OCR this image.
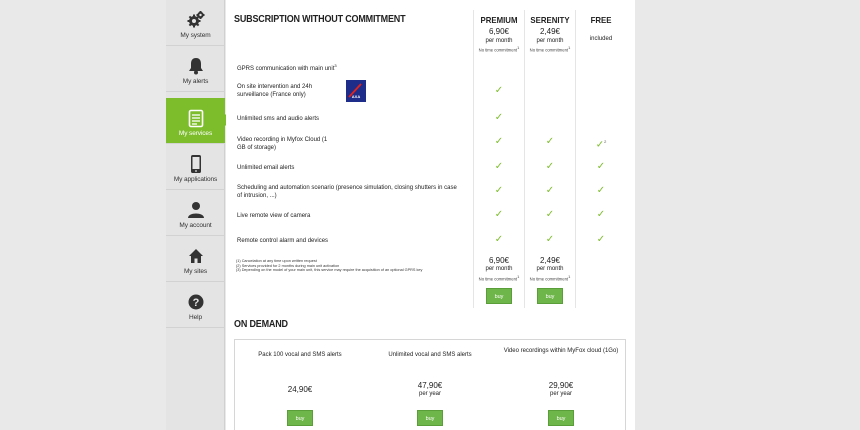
My system
My alerts
My services
My applications
My account
My sites
?
Help
SUBSCRIPTION WITHOUT COMMITMENT	PREMIUM
6,90€
per month
No time commitment1
SERENITY
2,49€
per month
No time commitment1
FREE
included
GPRS communication with main unit$^3$
On site intervention and 24h surveillance (France only)	AXA
Unlimited sms and audio alerts
Video recording in Myfox Cloud (1 GB of storage)
Unlimited email alerts
Scheduling and automation scenario (presence simulation, closing shutters in case of intrusion, ...)
Live remote view of camera
Remote control alarm and devices
✓
✓
✓
✓
✓
✓
✓
✓
✓
✓
✓
✓
✓$^2$
✓
✓
✓
✓
(1) Cancelation at any time upon written request
(2) Services provided for 2 months during main unit activation
(3) Depending on the model of your main unit, this service may require the acquisition of an optional GPRS key
6,90€
per month
No time commitment1
buy
2,49€
per month
No time commitment1
buy
ON DEMAND
Pack 100 vocal and SMS alerts
24,90€
buy
Unlimited vocal and SMS alerts
47,90€
per year
buy
Video recordings within MyFox cloud (1Go)
29,90€
per year
buy
